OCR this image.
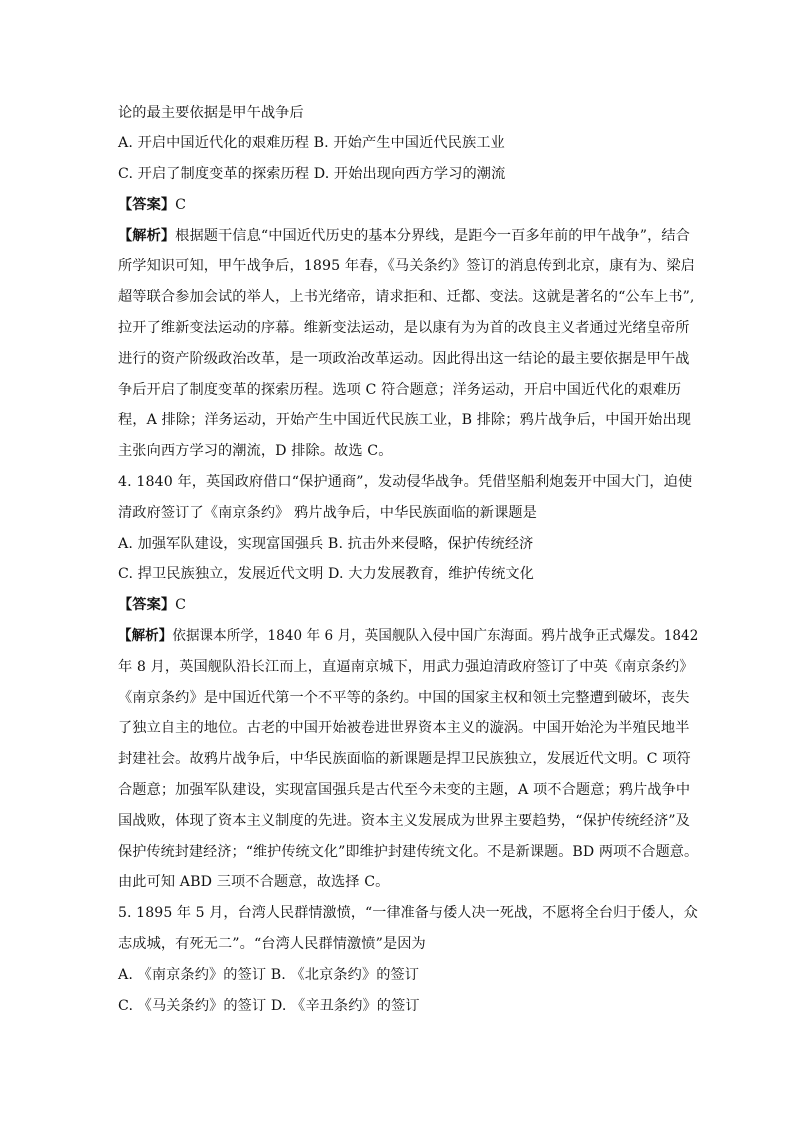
论的最主要依据是甲午战争后
A. 开启中国近代化的艰难历程 B. 开始产生中国近代民族工业
C. 开启了制度变革的探索历程 D. 开始出现向西方学习的潮流
【答案】C
【解析】根据题干信息“中国近代历史的基本分界线，是距今一百多年前的甲午战争”，结合
所学知识可知，甲午战争后，1895 年春，《马关条约》签订的消息传到北京，康有为、梁启
超等联合参加会试的举人，上书光绪帝，请求拒和、迁都、变法。这就是著名的“公车上书”,
拉开了维新变法运动的序幕。维新变法运动，是以康有为为首的改良主义者通过光绪皇帝所
进行的资产阶级政治改革，是一项政治改革运动。因此得出这一结论的最主要依据是甲午战
争后开启了制度变革的探索历程。选项 C 符合题意；洋务运动，开启中国近代化的艰难历
程，A 排除；洋务运动，开始产生中国近代民族工业，B 排除；鸦片战争后，中国开始出现
主张向西方学习的潮流，D 排除。故选 C。
4. 1840 年，英国政府借口“保护通商”，发动侵华战争。凭借坚船利炮轰开中国大门，迫使
清政府签订了《南京条约》 鸦片战争后，中华民族面临的新课题是
A. 加强军队建设，实现富国强兵 B. 抗击外来侵略，保护传统经济
C. 捍卫民族独立，发展近代文明 D. 大力发展教育，维护传统文化
【答案】C
【解析】依据课本所学，1840 年 6 月，英国舰队入侵中国广东海面。鸦片战争正式爆发。1842
年 8 月，英国舰队沿长江而上，直逼南京城下，用武力强迫清政府签订了中英《南京条约》
《南京条约》是中国近代第一个不平等的条约。中国的国家主权和领土完整遭到破坏，丧失
了独立自主的地位。古老的中国开始被卷进世界资本主义的漩涡。中国开始沦为半殖民地半
封建社会。故鸦片战争后，中华民族面临的新课题是捍卫民族独立，发展近代文明。C 项符
合题意；加强军队建设，实现富国强兵是古代至今未变的主题，A 项不合题意；鸦片战争中
国战败，体现了资本主义制度的先进。资本主义发展成为世界主要趋势，“保护传统经济”及
保护传统封建经济；“维护传统文化”即维护封建传统文化。不是新课题。BD 两项不合题意。
由此可知 ABD 三项不合题意，故选择 C。
5. 1895 年 5 月，台湾人民群情激愤，“一律准备与倭人决一死战，不愿将全台归于倭人，众
志成城，有死无二”。“台湾人民群情激愤”是因为
A. 《南京条约》的签订 B. 《北京条约》的签订
C. 《马关条约》的签订 D. 《辛丑条约》的签订
